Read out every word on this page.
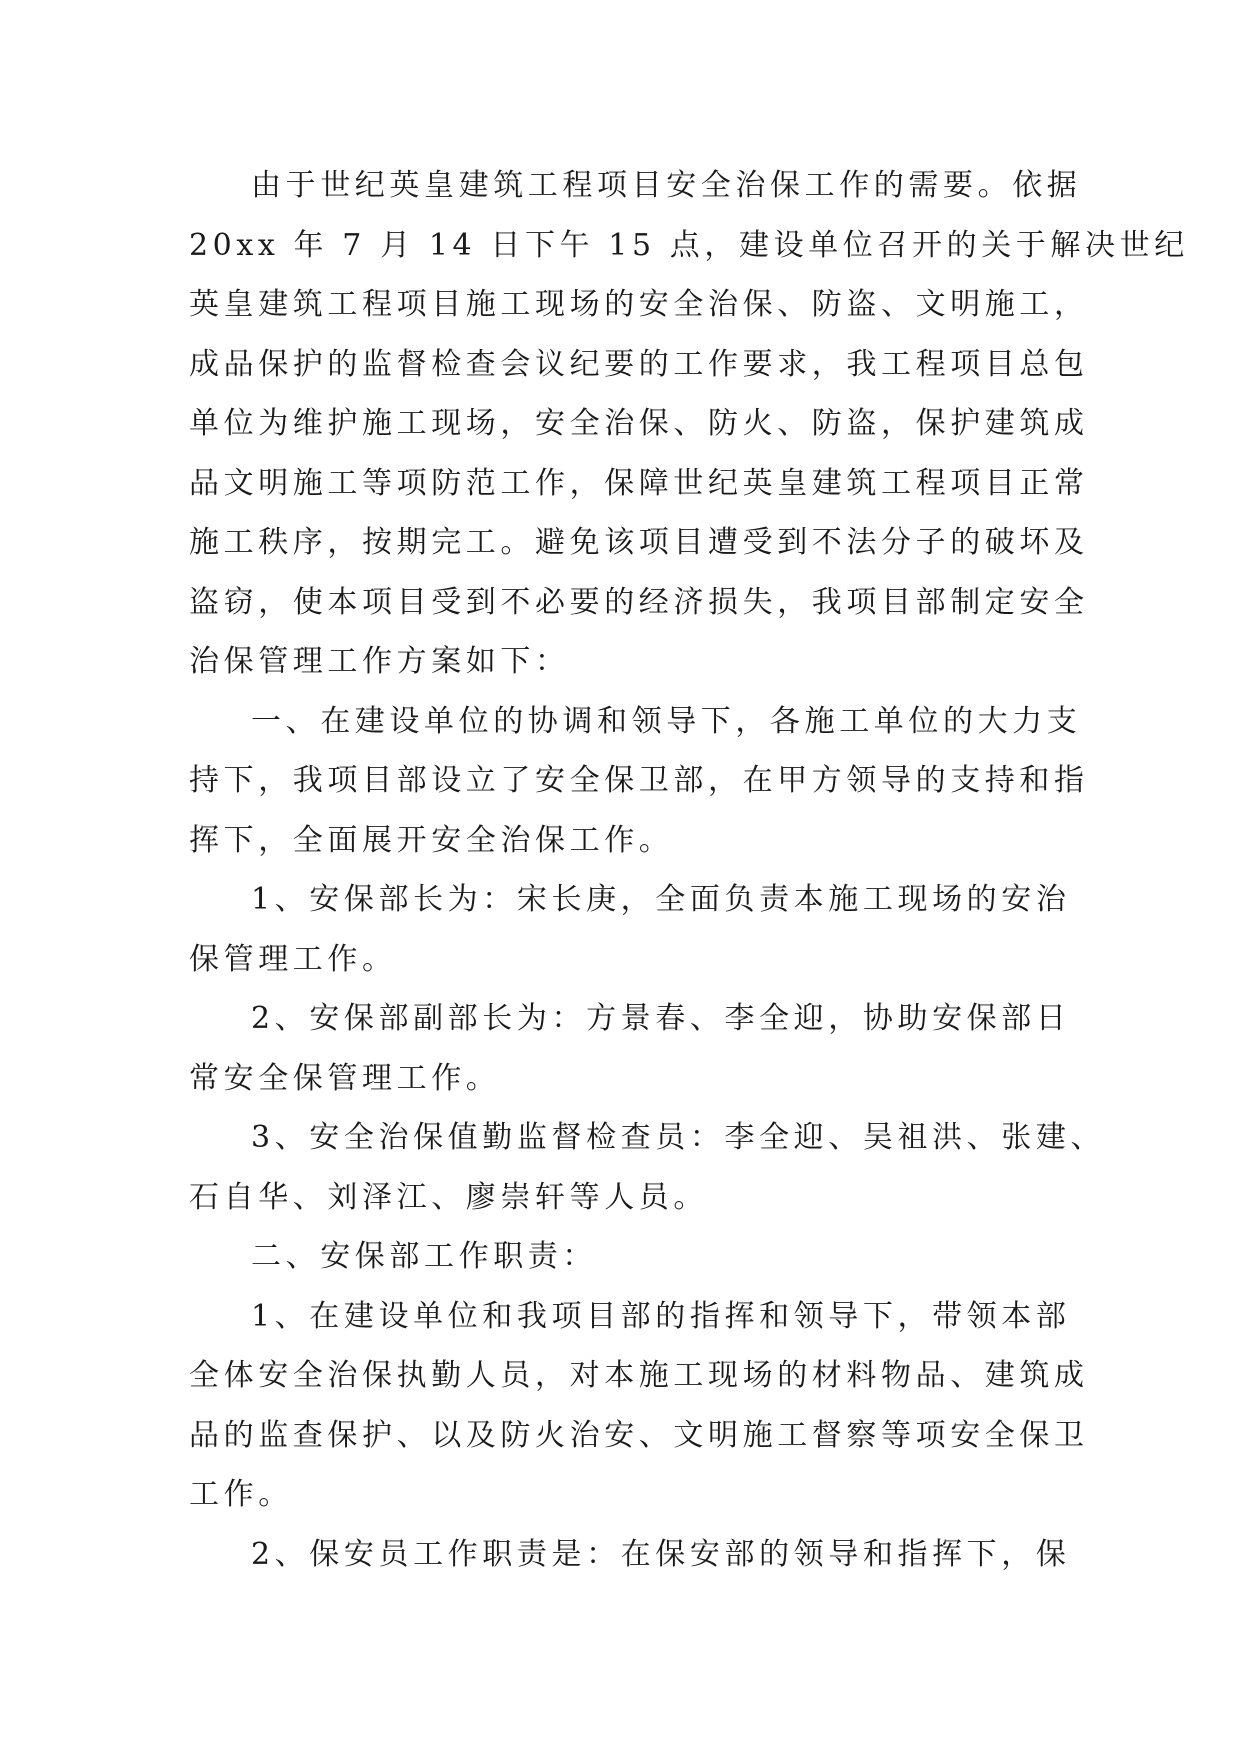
由于世纪英皇建筑工程项目安全治保工作的需要。依据
20xx 年 7 月 14 日下午 15 点，建设单位召开的关于解决世纪
英皇建筑工程项目施工现场的安全治保、防盗、文明施工，
成品保护的监督检查会议纪要的工作要求，我工程项目总包
单位为维护施工现场，安全治保、防火、防盗，保护建筑成
品文明施工等项防范工作，保障世纪英皇建筑工程项目正常
施工秩序，按期完工。避免该项目遭受到不法分子的破坏及
盗窃，使本项目受到不必要的经济损失，我项目部制定安全
治保管理工作方案如下：
一、在建设单位的协调和领导下，各施工单位的大力支
持下，我项目部设立了安全保卫部，在甲方领导的支持和指
挥下，全面展开安全治保工作。
1、安保部长为：宋长庚，全面负责本施工现场的安治
保管理工作。
2、安保部副部长为：方景春、李全迎，协助安保部日
常安全保管理工作。
3、安全治保值勤监督检查员：李全迎、吴祖洪、张建、
石自华、刘泽江、廖崇轩等人员。
二、安保部工作职责：
1、在建设单位和我项目部的指挥和领导下，带领本部
全体安全治保执勤人员，对本施工现场的材料物品、建筑成
品的监查保护、以及防火治安、文明施工督察等项安全保卫
工作。
2、保安员工作职责是：在保安部的领导和指挥下，保
